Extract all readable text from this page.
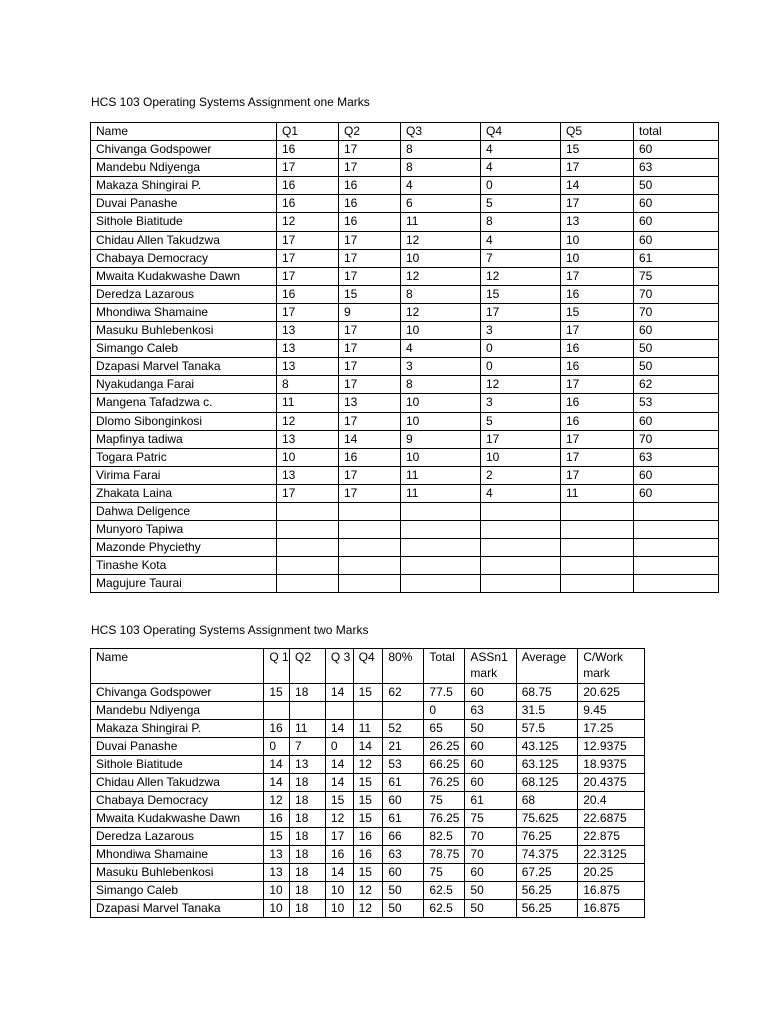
HCS 103 Operating Systems Assignment one Marks
Name	Q1	Q2	Q3	Q4	Q5	total
Chivanga Godspower	16	17	8	4	15	60
Mandebu Ndiyenga	17	17	8	4	17	63
Makaza Shingirai P.	16	16	4	0	14	50
Duvai Panashe	16	16	6	5	17	60
Sithole Biatitude	12	16	11	8	13	60
Chidau Allen Takudzwa	17	17	12	4	10	60
Chabaya Democracy	17	17	10	7	10	61
Mwaita Kudakwashe Dawn	17	17	12	12	17	75
Deredza Lazarous	16	15	8	15	16	70
Mhondiwa Shamaine	17	9	12	17	15	70
Masuku Buhlebenkosi	13	17	10	3	17	60
Simango Caleb	13	17	4	0	16	50
Dzapasi Marvel Tanaka	13	17	3	0	16	50
Nyakudanga Farai	8	17	8	12	17	62
Mangena Tafadzwa c.	11	13	10	3	16	53
Dlomo Sibonginkosi	12	17	10	5	16	60
Mapfinya tadiwa	13	14	9	17	17	70
Togara Patric	10	16	10	10	17	63
Virima Farai	13	17	11	2	17	60
Zhakata Laina	17	17	11	4	11	60
Dahwa Deligence						
Munyoro Tapiwa						
Mazonde Phyciethy						
Tinashe Kota						
Magujure Taurai						
HCS 103 Operating Systems Assignment two Marks
Name	Q 1	Q2	Q 3	Q4	80%	Total	ASSn1 mark	Average	C/Work mark
Chivanga Godspower	15	18	14	15	62	77.5	60	68.75	20.625
Mandebu Ndiyenga						0	63	31.5	9.45
Makaza Shingirai P.	16	11	14	11	52	65	50	57.5	17.25
Duvai Panashe	0	7	0	14	21	26.25	60	43.125	12.9375
Sithole Biatitude	14	13	14	12	53	66.25	60	63.125	18.9375
Chidau Allen Takudzwa	14	18	14	15	61	76.25	60	68.125	20.4375
Chabaya Democracy	12	18	15	15	60	75	61	68	20.4
Mwaita Kudakwashe Dawn	16	18	12	15	61	76.25	75	75.625	22.6875
Deredza Lazarous	15	18	17	16	66	82.5	70	76.25	22.875
Mhondiwa Shamaine	13	18	16	16	63	78.75	70	74.375	22.3125
Masuku Buhlebenkosi	13	18	14	15	60	75	60	67.25	20.25
Simango Caleb	10	18	10	12	50	62.5	50	56.25	16.875
Dzapasi Marvel Tanaka	10	18	10	12	50	62.5	50	56.25	16.875
